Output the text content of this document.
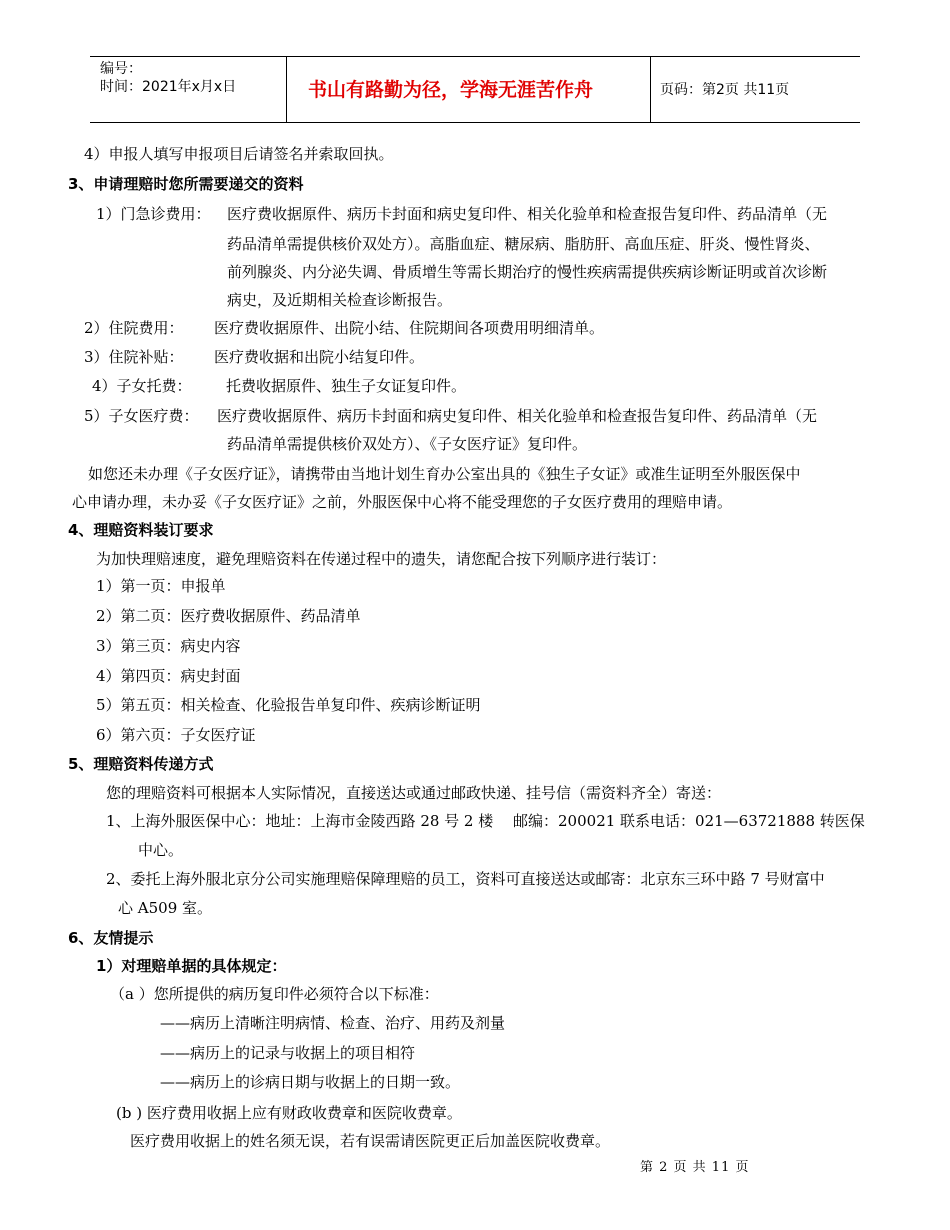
编号：
时间：2021年x月x日	书山有路勤为径，学海无涯苦作舟	页码：第2页 共11页
4）申报人填写申报项目后请签名并索取回执。
3、申请理赔时您所需要递交的资料
1）门急诊费用： 医疗费收据原件、病历卡封面和病史复印件、相关化验单和检查报告复印件、药品清单（无
药品清单需提供核价双处方）。高脂血症、糖尿病、脂肪肝、高血压症、肝炎、慢性肾炎、
前列腺炎、内分泌失调、骨质增生等需长期治疗的慢性疾病需提供疾病诊断证明或首次诊断
病史，及近期相关检查诊断报告。
2）住院费用： 医疗费收据原件、出院小结、住院期间各项费用明细清单。
3）住院补贴： 医疗费收据和出院小结复印件。
4）子女托费： 托费收据原件、独生子女证复印件。
5）子女医疗费： 医疗费收据原件、病历卡封面和病史复印件、相关化验单和检查报告复印件、药品清单（无
药品清单需提供核价双处方）、《子女医疗证》复印件。
如您还未办理《子女医疗证》，请携带由当地计划生育办公室出具的《独生子女证》或准生证明至外服医保中
心申请办理，未办妥《子女医疗证》之前，外服医保中心将不能受理您的子女医疗费用的理赔申请。
4、理赔资料装订要求
为加快理赔速度，避免理赔资料在传递过程中的遗失，请您配合按下列顺序进行装订：
1）第一页：申报单
2）第二页：医疗费收据原件、药品清单
3）第三页：病史内容
4）第四页：病史封面
5）第五页：相关检查、化验报告单复印件、疾病诊断证明
6）第六页：子女医疗证
5、理赔资料传递方式
您的理赔资料可根据本人实际情况，直接送达或通过邮政快递、挂号信（需资料齐全）寄送：
1、上海外服医保中心：地址：上海市金陵西路 28 号 2 楼　 邮编：200021 联系电话：021—63721888 转医保
中心。
2、委托上海外服北京分公司实施理赔保障理赔的员工，资料可直接送达或邮寄：北京东三环中路 7 号财富中
心 A509 室。
6、友情提示
1）对理赔单据的具体规定：
（a ）您所提供的病历复印件必须符合以下标准：
——病历上清晰注明病情、检查、治疗、用药及剂量
——病历上的记录与收据上的项目相符
——病历上的诊病日期与收据上的日期一致。
(b ) 医疗费用收据上应有财政收费章和医院收费章。
医疗费用收据上的姓名须无误，若有误需请医院更正后加盖医院收费章。
第 2 页 共 11 页
